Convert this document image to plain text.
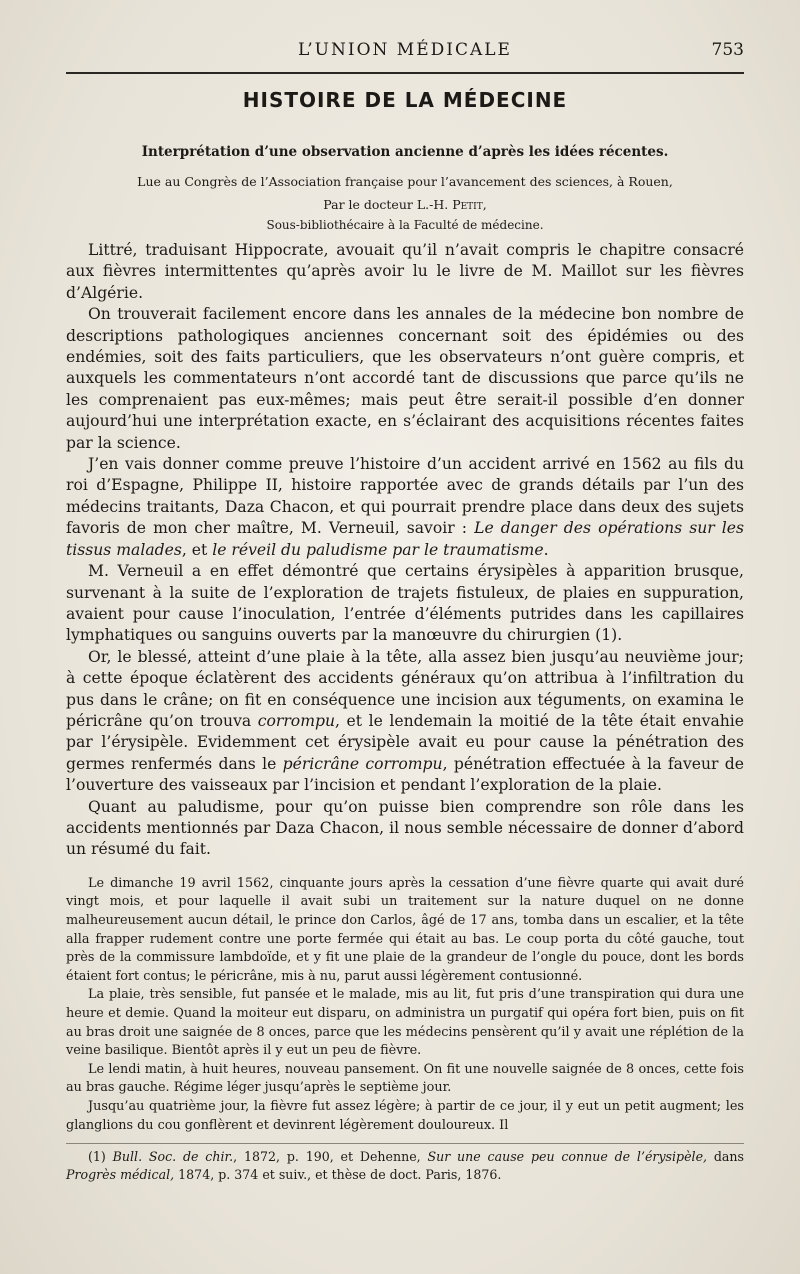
L’UNION MÉDICALE	753
HISTOIRE DE LA MÉDECINE

Interprétation d’une observation ancienne d’après les idées récentes.

Lue au Congrès de l’Association française pour l’avancement des sciences, à Rouen,

Par le docteur L.-H. Petit,

Sous-bibliothécaire à la Faculté de médecine.

Littré, traduisant Hippocrate, avouait qu’il n’avait compris le chapitre consacré aux fièvres intermittentes qu’après avoir lu le livre de M. Maillot sur les fièvres d’Algérie.

On trouverait facilement encore dans les annales de la médecine bon nombre de descriptions pathologiques anciennes concernant soit des épidémies ou des endémies, soit des faits particuliers, que les observateurs n’ont guère compris, et auxquels les commentateurs n’ont accordé tant de discussions que parce qu’ils ne les comprenaient pas eux-mêmes; mais peut être serait-il possible d’en donner aujourd’hui une interprétation exacte, en s’éclairant des acquisitions récentes faites par la science.

J’en vais donner comme preuve l’histoire d’un accident arrivé en 1562 au fils du roi d’Espagne, Philippe II, histoire rapportée avec de grands détails par l’un des médecins traitants, Daza Chacon, et qui pourrait prendre place dans deux des sujets favoris de mon cher maître, M. Verneuil, savoir : Le danger des opérations sur les tissus malades, et le réveil du paludisme par le traumatisme.

M. Verneuil a en effet démontré que certains érysipèles à apparition brusque, survenant à la suite de l’exploration de trajets fistuleux, de plaies en suppuration, avaient pour cause l’inoculation, l’entrée d’éléments putrides dans les capillaires lymphatiques ou sanguins ouverts par la manœuvre du chirurgien (1).

Or, le blessé, atteint d’une plaie à la tête, alla assez bien jusqu’au neuvième jour; à cette époque éclatèrent des accidents généraux qu’on attribua à l’infiltration du pus dans le crâne; on fit en conséquence une incision aux téguments, on examina le péricrâne qu’on trouva corrompu, et le lendemain la moitié de la tête était envahie par l’érysipèle. Evidemment cet érysipèle avait eu pour cause la pénétration des germes renfermés dans le péricrâne corrompu, pénétration effectuée à la faveur de l’ouverture des vaisseaux par l’incision et pendant l’exploration de la plaie.

Quant au paludisme, pour qu’on puisse bien comprendre son rôle dans les accidents mentionnés par Daza Chacon, il nous semble nécessaire de donner d’abord un résumé du fait.

Le dimanche 19 avril 1562, cinquante jours après la cessation d’une fièvre quarte qui avait duré vingt mois, et pour laquelle il avait subi un traitement sur la nature duquel on ne donne malheureusement aucun détail, le prince don Carlos, âgé de 17 ans, tomba dans un escalier, et la tête alla frapper rudement contre une porte fermée qui était au bas. Le coup porta du côté gauche, tout près de la commissure lambdoïde, et y fit une plaie de la grandeur de l’ongle du pouce, dont les bords étaient fort contus; le péricrâne, mis à nu, parut aussi légèrement contusionné.

La plaie, très sensible, fut pansée et le malade, mis au lit, fut pris d’une transpiration qui dura une heure et demie. Quand la moiteur eut disparu, on administra un purgatif qui opéra fort bien, puis on fit au bras droit une saignée de 8 onces, parce que les médecins pensèrent qu’il y avait une réplétion de la veine basilique. Bientôt après il y eut un peu de fièvre.

Le lendi matin, à huit heures, nouveau pansement. On fit une nouvelle saignée de 8 onces, cette fois au bras gauche. Régime léger jusqu’après le septième jour.

Jusqu’au quatrième jour, la fièvre fut assez légère; à partir de ce jour, il y eut un petit augment; les glanglions du cou gonflèrent et devinrent légèrement douloureux. Il

(1) Bull. Soc. de chir., 1872, p. 190, et Dehenne, Sur une cause peu connue de l’érysipèle, dans Progrès médical, 1874, p. 374 et suiv., et thèse de doct. Paris, 1876.
